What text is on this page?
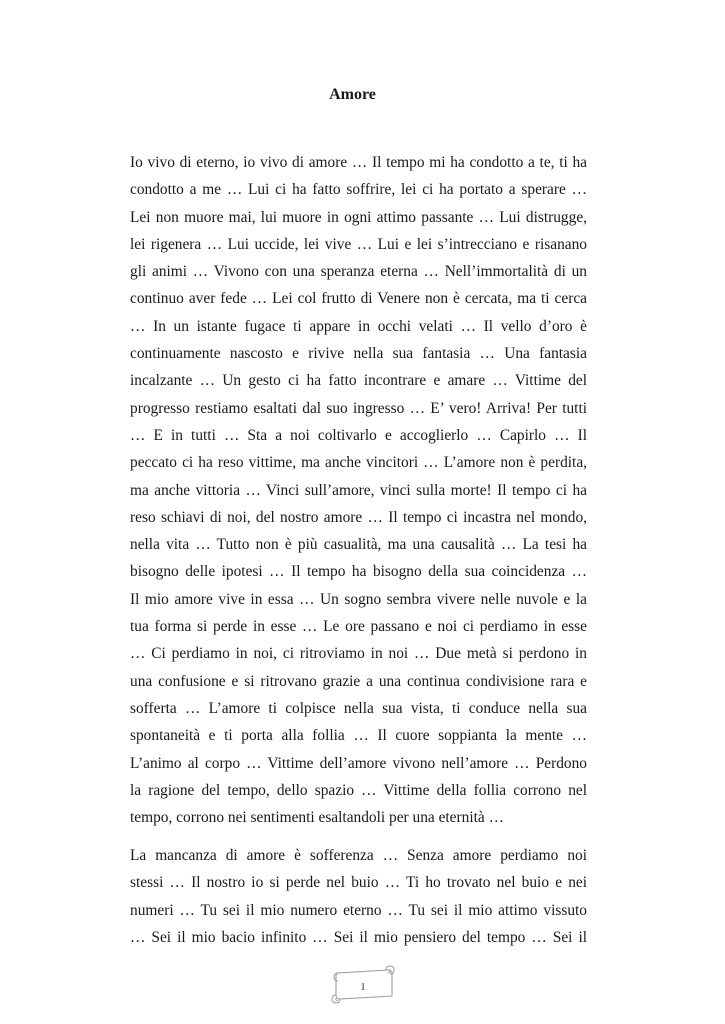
Amore
Io vivo di eterno, io vivo di amore … Il tempo mi ha condotto a te, ti ha
condotto a me … Lui ci ha fatto soffrire, lei ci ha portato a sperare …
Lei non muore mai, lui muore in ogni attimo passante … Lui distrugge,
lei rigenera … Lui uccide, lei vive … Lui e lei s’intrecciano e risanano
gli animi … Vivono con una speranza eterna … Nell’immortalità di un
continuo aver fede … Lei col frutto di Venere non è cercata, ma ti cerca
… In un istante fugace ti appare in occhi velati … Il vello d’oro è
continuamente nascosto e rivive nella sua fantasia … Una fantasia
incalzante … Un gesto ci ha fatto incontrare e amare … Vittime del
progresso restiamo esaltati dal suo ingresso … E’ vero! Arriva! Per tutti
… E in tutti … Sta a noi coltivarlo e accoglierlo … Capirlo … Il
peccato ci ha reso vittime, ma anche vincitori … L’amore non è perdita,
ma anche vittoria … Vinci sull’amore, vinci sulla morte! Il tempo ci ha
reso schiavi di noi, del nostro amore … Il tempo ci incastra nel mondo,
nella vita … Tutto non è più casualità, ma una causalità … La tesi ha
bisogno delle ipotesi … Il tempo ha bisogno della sua coincidenza …
Il mio amore vive in essa … Un sogno sembra vivere nelle nuvole e la
tua forma si perde in esse … Le ore passano e noi ci perdiamo in esse
… Ci perdiamo in noi, ci ritroviamo in noi … Due metà si perdono in
una confusione e si ritrovano grazie a una continua condivisione rara e
sofferta … L’amore ti colpisce nella sua vista, ti conduce nella sua
spontaneità e ti porta alla follia … Il cuore soppianta la mente …
L’animo al corpo … Vittime dell’amore vivono nell’amore … Perdono
la ragione del tempo, dello spazio … Vittime della follia corrono nel
tempo, corrono nei sentimenti esaltandoli per una eternità …
La mancanza di amore è sofferenza … Senza amore perdiamo noi
stessi … Il nostro io si perde nel buio … Ti ho trovato nel buio e nei
numeri … Tu sei il mio numero eterno … Tu sei il mio attimo vissuto
… Sei il mio bacio infinito … Sei il mio pensiero del tempo … Sei il
1
